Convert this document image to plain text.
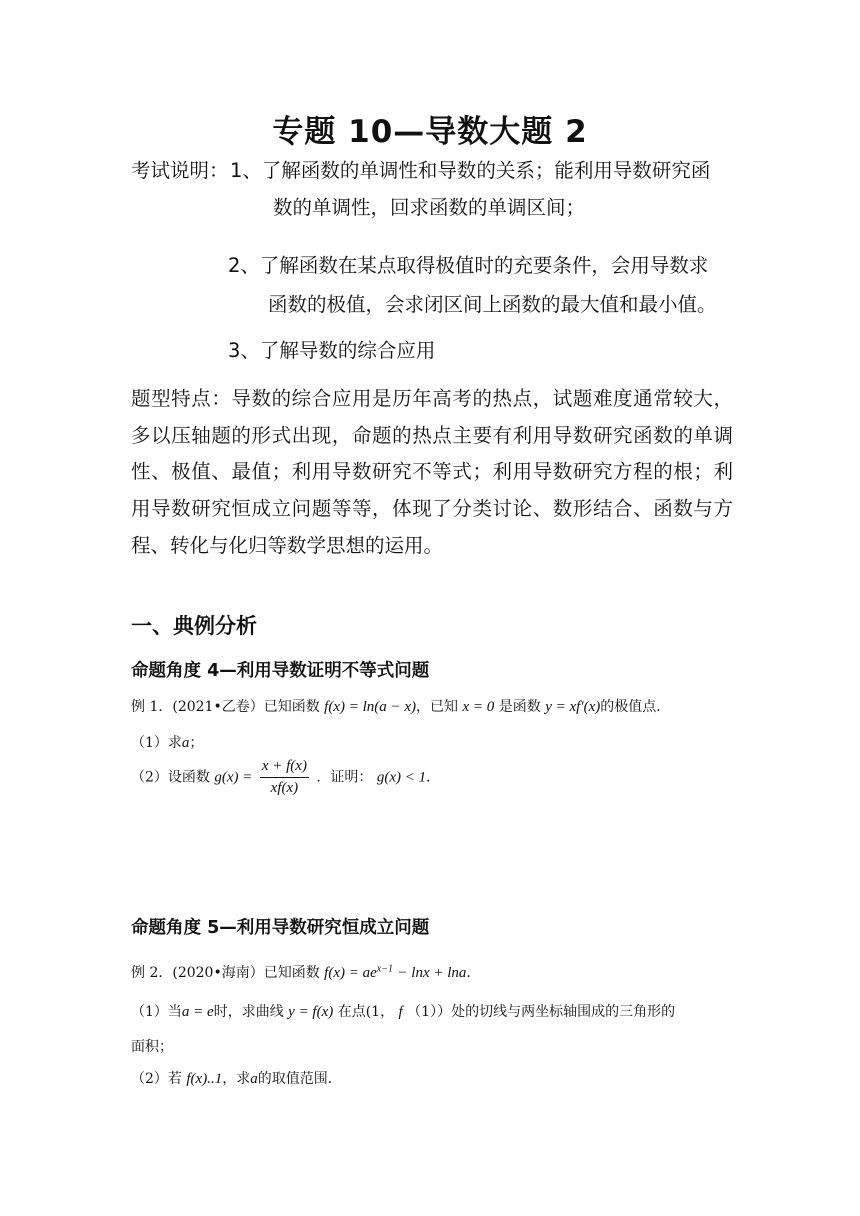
专题 10—导数大题 2
考试说明： 1、了解函数的单调性和导数的关系；能利用导数研究函
数的单调性，回求函数的单调区间；
2、了解函数在某点取得极值时的充要条件，会用导数求
函数的极值，会求闭区间上函数的最大值和最小值。
3、了解导数的综合应用
题型特点：导数的综合应用是历年高考的热点，试题难度通常较大，多以压轴题的形式出现，命题的热点主要有利用导数研究函数的单调性、极值、最值；利用导数研究不等式；利用导数研究方程的根；利用导数研究恒成立问题等等，体现了分类讨论、数形结合、函数与方程、转化与化归等数学思想的运用。
一、典例分析
命题角度 4—利用导数证明不等式问题
例 1．(2021•乙卷）已知函数 f(x) = ln(a − x)，已知 x = 0 是函数 y = xf′(x)的极值点．
（1）求a；
（2）设函数 $g(x) = \frac{x + f(x)}{xf(x)}$ ．证明： g(x) < 1．
命题角度 5—利用导数研究恒成立问题
例 2．(2020•海南）已知函数 $f(x) = ae^{x-1} - \ln x + \ln a$．
（1）当a = e时，求曲线 y = f(x) 在点(1， f （1））处的切线与两坐标轴围成的三角形的
面积；
（2）若 f(x)..1，求a的取值范围．
